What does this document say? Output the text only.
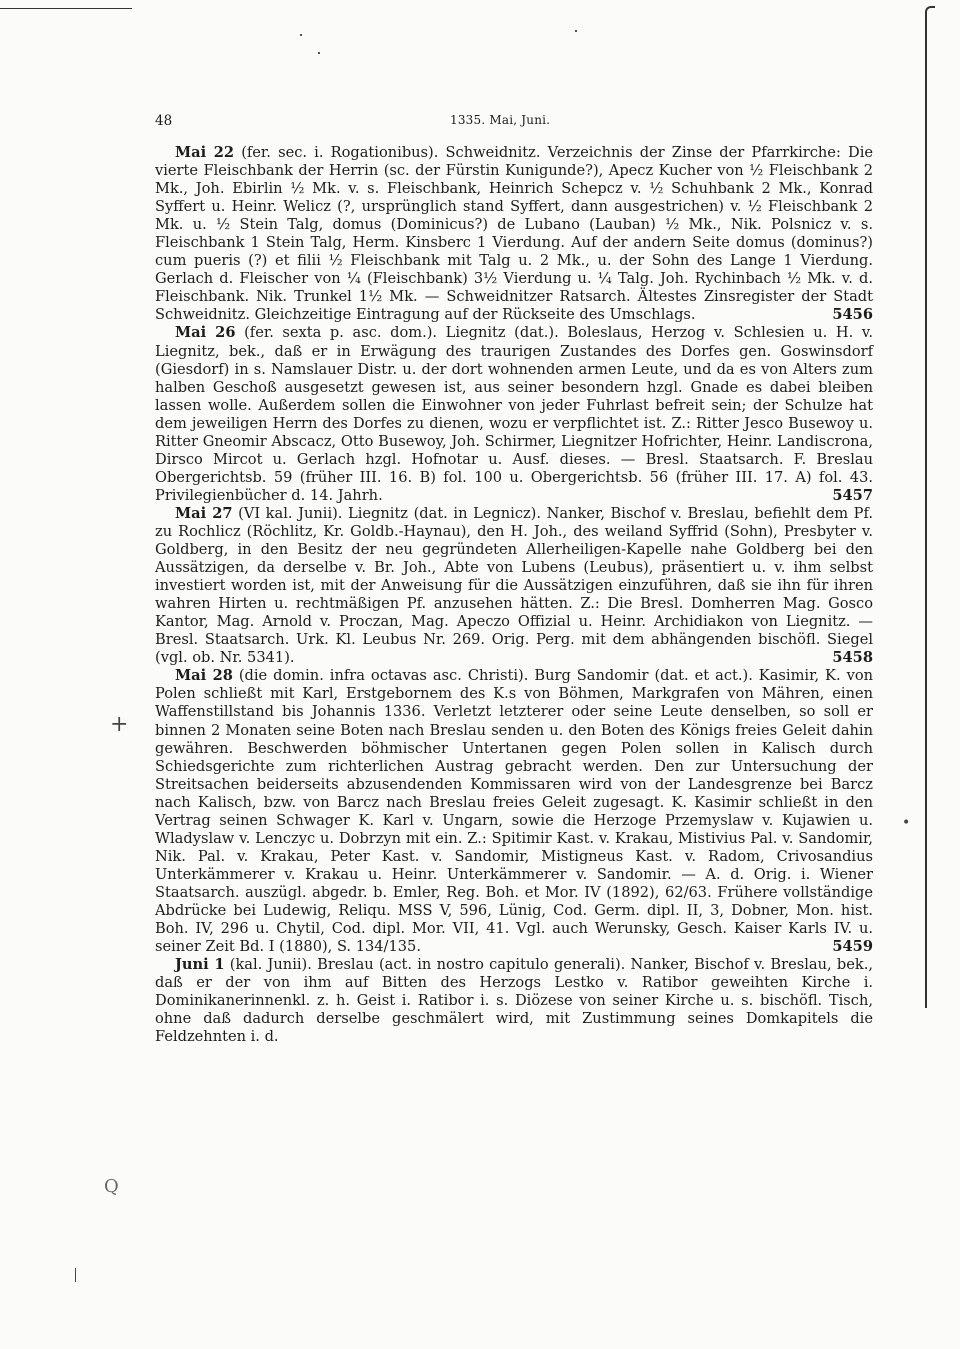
48	1335. Mai, Juni.

Mai 22 (fer. sec. i. Rogationibus). Schweidnitz. Verzeichnis der Zinse der Pfarrkirche: Die vierte Fleischbank der Herrin (sc. der Fürstin Kunigunde?), Apecz Kucher von ½ Fleischbank 2 Mk., Joh. Ebirlin ½ Mk. v. s. Fleischbank, Heinrich Schepcz v. ½ Schuhbank 2 Mk., Konrad Syffert u. Heinr. Welicz (?, ursprünglich stand Syffert, dann ausgestrichen) v. ½ Fleischbank 2 Mk. u. ½ Stein Talg, domus (Dominicus?) de Lubano (Lauban) ½ Mk., Nik. Polsnicz v. s. Fleischbank 1 Stein Talg, Herm. Kinsberc 1 Vierdung. Auf der andern Seite domus (dominus?) cum pueris (?) et filii ½ Fleischbank mit Talg u. 2 Mk., u. der Sohn des Lange 1 Vierdung. Gerlach d. Fleischer von ¼ (Fleischbank) 3½ Vierdung u. ¼ Talg. Joh. Rychinbach ½ Mk. v. d. Fleischbank. Nik. Trunkel 1½ Mk. — Schweidnitzer Ratsarch. Ältestes Zinsregister der Stadt Schweidnitz. Gleichzeitige Eintragung auf der Rückseite des Umschlags.	5456

Mai 26 (fer. sexta p. asc. dom.). Liegnitz (dat.). Boleslaus, Herzog v. Schlesien u. H. v. Liegnitz, bek., daß er in Erwägung des traurigen Zustandes des Dorfes gen. Goswinsdorf (Giesdorf) in s. Namslauer Distr. u. der dort wohnenden armen Leute, und da es von Alters zum halben Geschoß ausgesetzt gewesen ist, aus seiner besondern hzgl. Gnade es dabei bleiben lassen wolle. Außerdem sollen die Einwohner von jeder Fuhrlast befreit sein; der Schulze hat dem jeweiligen Herrn des Dorfes zu dienen, wozu er verpflichtet ist. Z.: Ritter Jesco Busewoy u. Ritter Gneomir Abscacz, Otto Busewoy, Joh. Schirmer, Liegnitzer Hofrichter, Heinr. Landiscrona, Dirsco Mircot u. Gerlach hzgl. Hofnotar u. Ausf. dieses. — Bresl. Staatsarch. F. Breslau Obergerichtsb. 59 (früher III. 16. B) fol. 100 u. Obergerichtsb. 56 (früher III. 17. A) fol. 43. Privilegienbücher d. 14. Jahrh.	5457

Mai 27 (VI kal. Junii). Liegnitz (dat. in Legnicz). Nanker, Bischof v. Breslau, befiehlt dem Pf. zu Rochlicz (Röchlitz, Kr. Goldb.-Haynau), den H. Joh., des weiland Syffrid (Sohn), Presbyter v. Goldberg, in den Besitz der neu gegründeten Allerheiligen-Kapelle nahe Goldberg bei den Aussätzigen, da derselbe v. Br. Joh., Abte von Lubens (Leubus), präsentiert u. v. ihm selbst investiert worden ist, mit der Anweisung für die Aussätzigen einzuführen, daß sie ihn für ihren wahren Hirten u. rechtmäßigen Pf. anzusehen hätten. Z.: Die Bresl. Domherren Mag. Gosco Kantor, Mag. Arnold v. Proczan, Mag. Apeczo Offizial u. Heinr. Archidiakon von Liegnitz. — Bresl. Staatsarch. Urk. Kl. Leubus Nr. 269. Orig. Perg. mit dem abhängenden bischöfl. Siegel (vgl. ob. Nr. 5341).	5458

Mai 28 (die domin. infra octavas asc. Christi). Burg Sandomir (dat. et act.). Kasimir, K. von Polen schließt mit Karl, Erstgebornem des K.s von Böhmen, Markgrafen von Mähren, einen Waffenstillstand bis Johannis 1336. Verletzt letzterer oder seine Leute denselben, so soll er binnen 2 Monaten seine Boten nach Breslau senden u. den Boten des Königs freies Geleit dahin gewähren. Beschwerden böhmischer Untertanen gegen Polen sollen in Kalisch durch Schiedsgerichte zum richterlichen Austrag gebracht werden. Den zur Untersuchung der Streitsachen beiderseits abzusendenden Kommissaren wird von der Landesgrenze bei Barcz nach Kalisch, bzw. von Barcz nach Breslau freies Geleit zugesagt. K. Kasimir schließt in den Vertrag seinen Schwager K. Karl v. Ungarn, sowie die Herzoge Przemyslaw v. Kujawien u. Wladyslaw v. Lenczyc u. Dobrzyn mit ein. Z.: Spitimir Kast. v. Krakau, Mistivius Pal. v. Sandomir, Nik. Pal. v. Krakau, Peter Kast. v. Sandomir, Mistigneus Kast. v. Radom, Crivosandius Unterkämmerer v. Krakau u. Heinr. Unterkämmerer v. Sandomir. — A. d. Orig. i. Wiener Staatsarch. auszügl. abgedr. b. Emler, Reg. Boh. et Mor. IV (1892), 62/63. Frühere vollständige Abdrücke bei Ludewig, Reliqu. MSS V, 596, Lünig, Cod. Germ. dipl. II, 3, Dobner, Mon. hist. Boh. IV, 296 u. Chytil, Cod. dipl. Mor. VII, 41. Vgl. auch Werunsky, Gesch. Kaiser Karls IV. u. seiner Zeit Bd. I (1880), S. 134/135.	5459

Juni 1 (kal. Junii). Breslau (act. in nostro capitulo generali). Nanker, Bischof v. Breslau, bek., daß er der von ihm auf Bitten des Herzogs Lestko v. Ratibor geweihten Kirche i. Dominikanerinnenkl. z. h. Geist i. Ratibor i. s. Diözese von seiner Kirche u. s. bischöfl. Tisch, ohne daß dadurch derselbe geschmälert wird, mit Zustimmung seines Domkapitels die Feldzehnten i. d.

+
Q
•
